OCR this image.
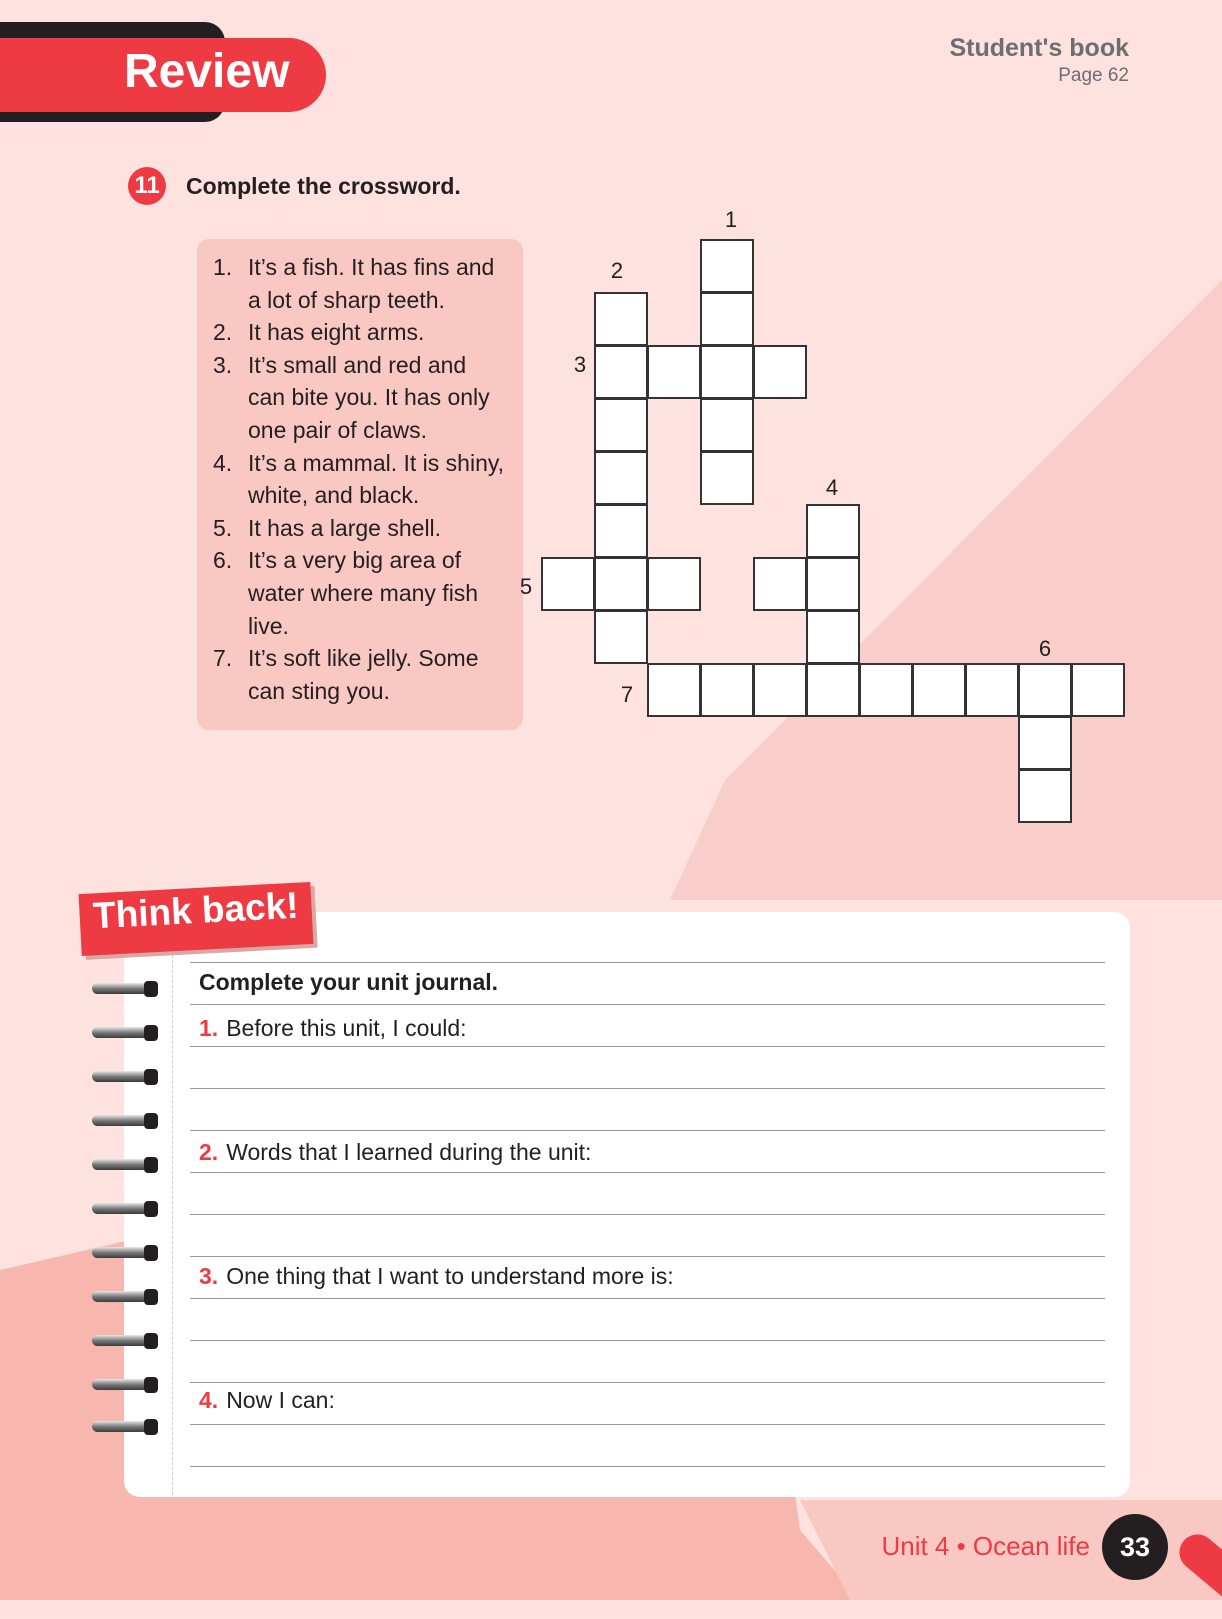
Review	Student's book
Page 62
11 Complete the crossword.
1. It’s a fish. It has fins and a lot of sharp teeth.
2. It has eight arms.
3. It’s small and red and can bite you. It has only one pair of claws.
4. It’s a mammal. It is shiny, white, and black.
5. It has a large shell.
6. It’s a very big area of water where many fish live.
7. It’s soft like jelly. Some can sting you.
1
2
3
4
5
6
7
Complete your unit journal.
1. Before this unit, I could:
2. Words that I learned during the unit:
3. One thing that I want to understand more is:
4. Now I can:
Think back!
Unit 4 • Ocean life	33
